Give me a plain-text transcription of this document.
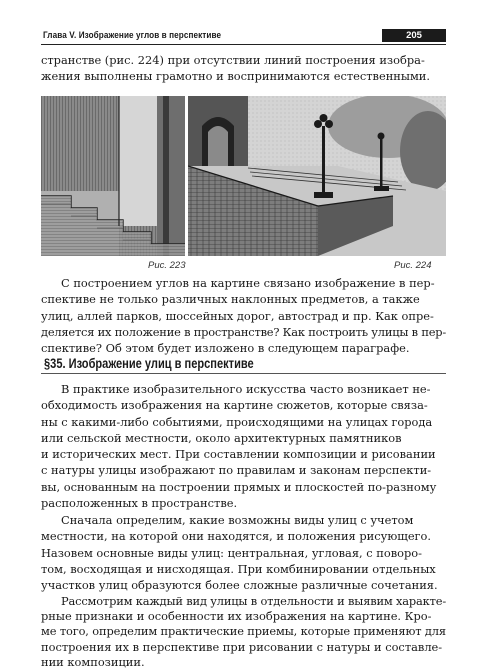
Глава V. Изображение углов в перспективе	205
странстве (рис. 224) при отсутствии линий построения изобра-
жения выполнены грамотно и воспринимаются естественными.
Рис. 223	Рис. 224
С построением углов на картине связано изображение в пер-
спективе не только различных наклонных предметов, а также
улиц, аллей парков, шоссейных дорог, автострад и пр. Как опре-
деляется их положение в пространстве? Как построить улицы в пер-
спективе? Об этом будет изложено в следующем параграфе.
§35. Изображение улиц в перспективе
В практике изобразительного искусства часто возникает не-
обходимость изображения на картине сюжетов, которые связа-
ны с какими-либо событиями, происходящими на улицах города
или сельской местности, около архитектурных памятников
и исторических мест. При составлении композиции и рисовании
с натуры улицы изображают по правилам и законам перспекти-
вы, основанным на построении прямых и плоскостей по-разному
расположенных в пространстве.
Сначала определим, какие возможны виды улиц с учетом
местности, на которой они находятся, и положения рисующего.
Назовем основные виды улиц: центральная, угловая, с поворо-
том, восходящая и нисходящая. При комбинировании отдельных
участков улиц образуются более сложные различные сочетания.
Рассмотрим каждый вид улицы в отдельности и выявим характе-
рные признаки и особенности их изображения на картине. Кро-
ме того, определим практические приемы, которые применяют для
построения их в перспективе при рисовании с натуры и составле-
нии композиции.
